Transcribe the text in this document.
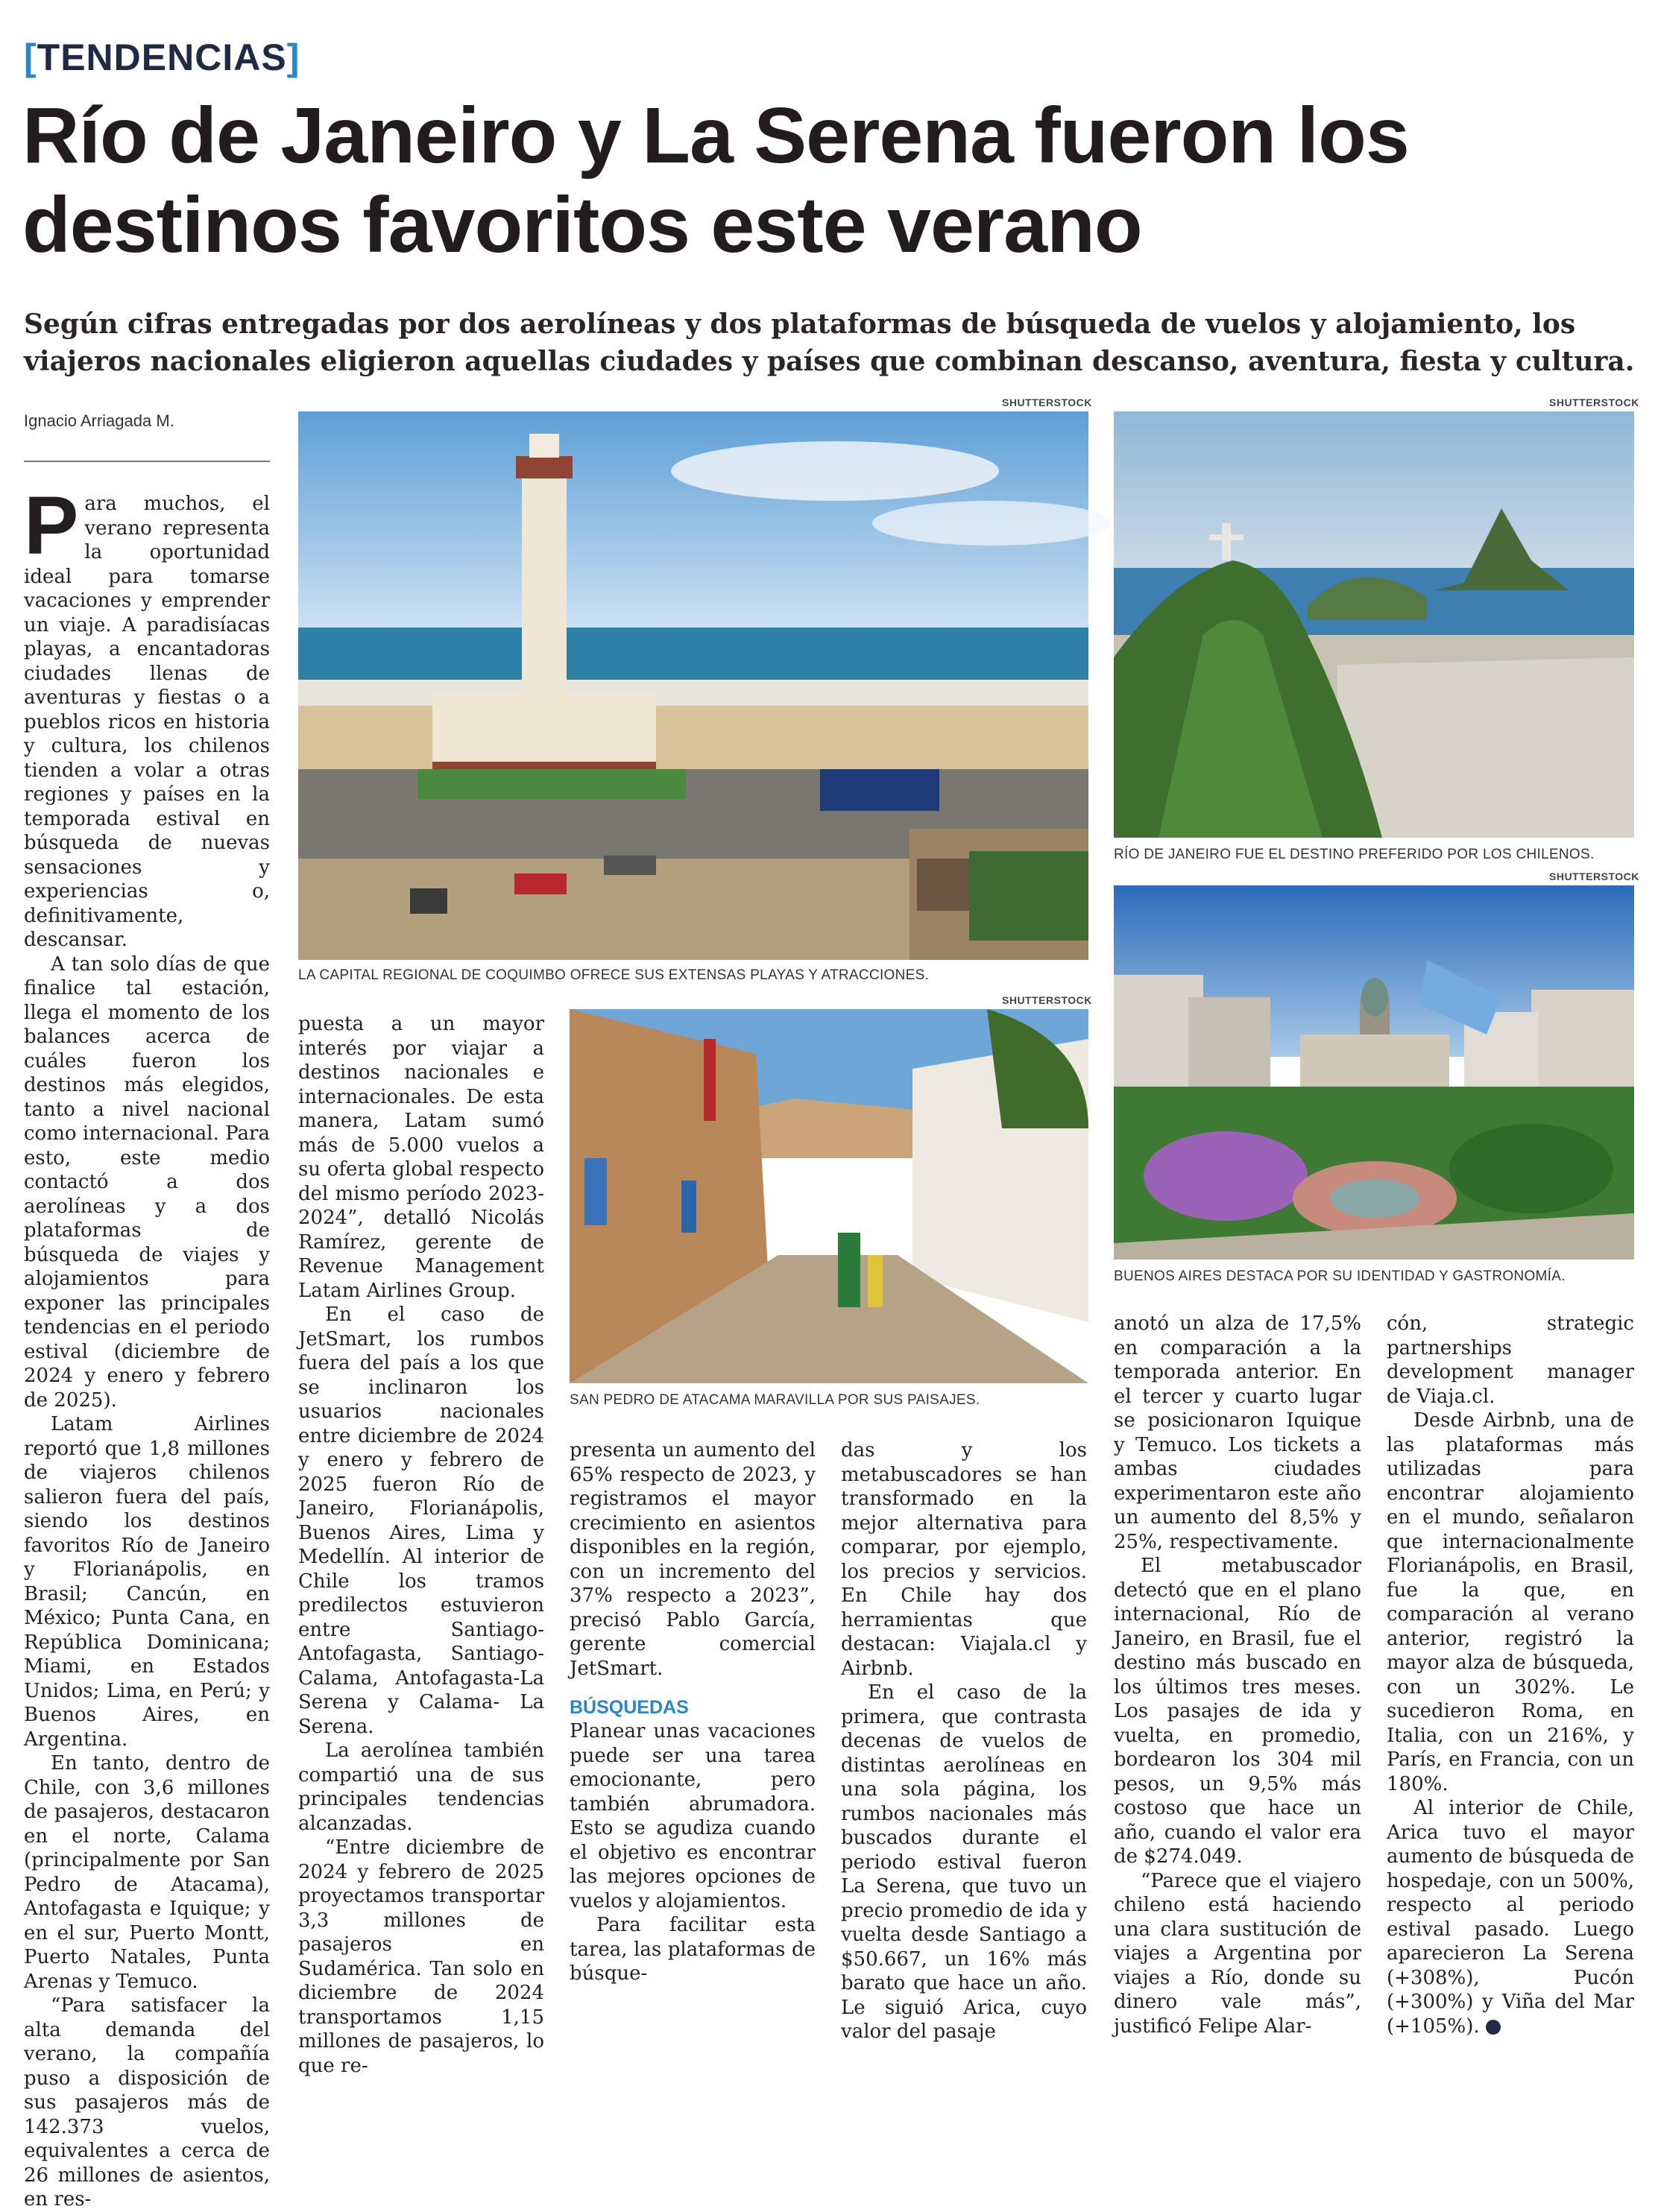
[TENDENCIAS]
Río de Janeiro y La Serena fueron los destinos favoritos este verano
Según cifras entregadas por dos aerolíneas y dos plataformas de búsqueda de vuelos y alojamiento, los viajeros nacionales eligieron aquellas ciudades y países que combinan descanso, aventura, fiesta y cultura.
Ignacio Arriagada M.
SHUTTERSTOCK
LA CAPITAL REGIONAL DE COQUIMBO OFRECE SUS EXTENSAS PLAYAS Y ATRACCIONES.
SHUTTERSTOCK
RÍO DE JANEIRO FUE EL DESTINO PREFERIDO POR LOS CHILENOS.
SHUTTERSTOCK
BUENOS AIRES DESTACA POR SU IDENTIDAD Y GASTRONOMÍA.
SHUTTERSTOCK
SAN PEDRO DE ATACAMA MARAVILLA POR SUS PAISAJES.

Para muchos, el verano representa la oportunidad ideal para tomarse vacaciones y emprender un viaje. A paradisíacas playas, a encantadoras ciudades llenas de aventuras y fiestas o a pueblos ricos en historia y cultura, los chilenos tienden a volar a otras regiones y países en la temporada estival en búsqueda de nuevas sensaciones y experiencias o, definitivamente, descansar.

A tan solo días de que finalice tal estación, llega el momento de los balances acerca de cuáles fueron los destinos más elegidos, tanto a nivel nacional como internacional. Para esto, este medio contactó a dos aerolíneas y a dos plataformas de búsqueda de viajes y alojamientos para exponer las principales tendencias en el periodo estival (diciembre de 2024 y enero y febrero de 2025).

Latam Airlines reportó que 1,8 millones de viajeros chilenos salieron fuera del país, siendo los destinos favoritos Río de Janeiro y Florianápolis, en Brasil; Cancún, en México; Punta Cana, en República Dominicana; Miami, en Estados Unidos; Lima, en Perú; y Buenos Aires, en Argentina.

En tanto, dentro de Chile, con 3,6 millones de pasajeros, destacaron en el norte, Calama (principalmente por San Pedro de Atacama), Antofagasta e Iquique; y en el sur, Puerto Montt, Puerto Natales, Punta Arenas y Temuco.

“Para satisfacer la alta demanda del verano, la compañía puso a disposición de sus pasajeros más de 142.373 vuelos, equivalentes a cerca de 26 millones de asientos, en res-

puesta a un mayor interés por viajar a destinos nacionales e internacionales. De esta manera, Latam sumó más de 5.000 vuelos a su oferta global respecto del mismo período 2023-2024”, detalló Nicolás Ramírez, gerente de Revenue Management Latam Airlines Group.

En el caso de JetSmart, los rumbos fuera del país a los que se inclinaron los usuarios nacionales entre diciembre de 2024 y enero y febrero de 2025 fueron Río de Janeiro, Florianápolis, Buenos Aires, Lima y Medellín. Al interior de Chile los tramos predilectos estuvieron entre Santiago-Antofagasta, Santiago-Calama, Antofagasta-La Serena y Calama- La Serena.

La aerolínea también compartió una de sus principales tendencias alcanzadas.

“Entre diciembre de 2024 y febrero de 2025 proyectamos transportar 3,3 millones de pasajeros en Sudamérica. Tan solo en diciembre de 2024 transportamos 1,15 millones de pasajeros, lo que re-

presenta un aumento del 65% respecto de 2023, y registramos el mayor crecimiento en asientos disponibles en la región, con un incremento del 37% respecto a 2023”, precisó Pablo García, gerente comercial JetSmart.

BÚSQUEDAS

Planear unas vacaciones puede ser una tarea emocionante, pero también abrumadora. Esto se agudiza cuando el objetivo es encontrar las mejores opciones de vuelos y alojamientos.

Para facilitar esta tarea, las plataformas de búsque-

das y los metabuscadores se han transformado en la mejor alternativa para comparar, por ejemplo, los precios y servicios. En Chile hay dos herramientas que destacan: Viajala.cl y Airbnb.

En el caso de la primera, que contrasta decenas de vuelos de distintas aerolíneas en una sola página, los rumbos nacionales más buscados durante el periodo estival fueron La Serena, que tuvo un precio promedio de ida y vuelta desde Santiago a $50.667, un 16% más barato que hace un año. Le siguió Arica, cuyo valor del pasaje

anotó un alza de 17,5% en comparación a la temporada anterior. En el tercer y cuarto lugar se posicionaron Iquique y Temuco. Los tickets a ambas ciudades experimentaron este año un aumento del 8,5% y 25%, respectivamente.

El metabuscador detectó que en el plano internacional, Río de Janeiro, en Brasil, fue el destino más buscado en los últimos tres meses. Los pasajes de ida y vuelta, en promedio, bordearon los 304 mil pesos, un 9,5% más costoso que hace un año, cuando el valor era de $274.049.

“Parece que el viajero chileno está haciendo una clara sustitución de viajes a Argentina por viajes a Río, donde su dinero vale más”, justificó Felipe Alar-

cón, strategic partnerships development manager de Viaja.cl.

Desde Airbnb, una de las plataformas más utilizadas para encontrar alojamiento en el mundo, señalaron que internacionalmente Florianápolis, en Brasil, fue la que, en comparación al verano anterior, registró la mayor alza de búsqueda, con un 302%. Le sucedieron Roma, en Italia, con un 216%, y París, en Francia, con un 180%.

Al interior de Chile, Arica tuvo el mayor aumento de búsqueda de hospedaje, con un 500%, respecto al periodo estival pasado. Luego aparecieron La Serena (+308%), Pucón (+300%) y Viña del Mar (+105%).	✪
